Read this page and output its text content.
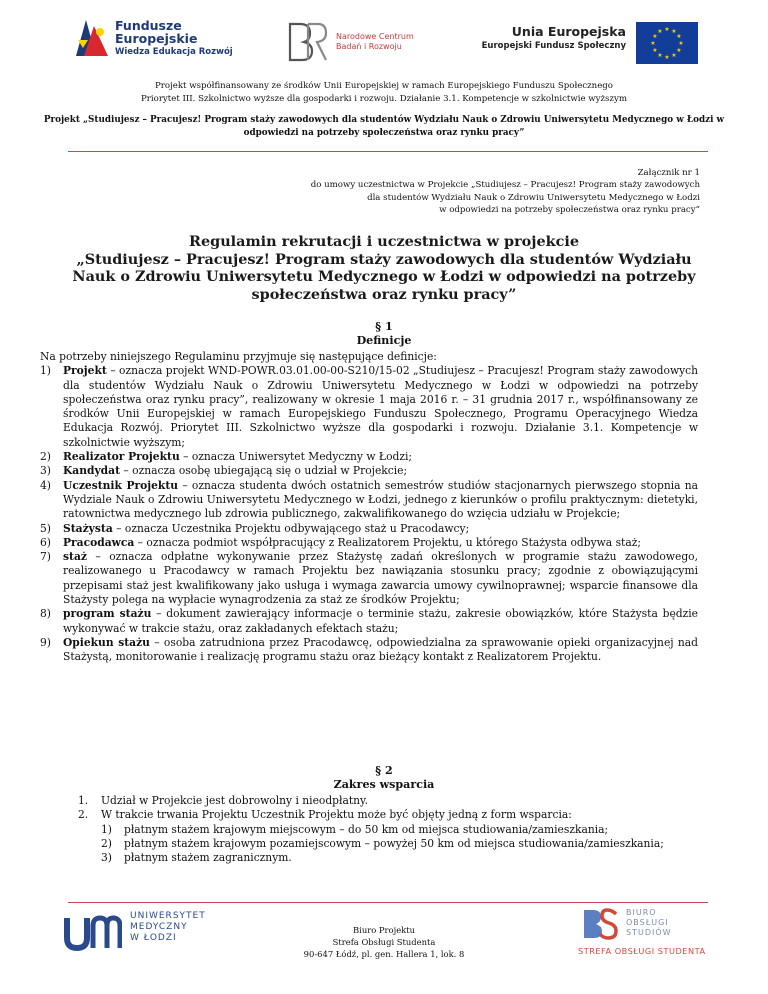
Fundusze
Europejskie
Wiedza Edukacja Rozwój
Narodowe Centrum
Badań i Rozwoju
Unia Europejska
Europejski Fundusz Społeczny
★ ★
★
★
★
★
★
★
★
★
★
★
Projekt współfinansowany ze środków Unii Europejskiej w ramach Europejskiego Funduszu Społecznego
Priorytet III. Szkolnictwo wyższe dla gospodarki i rozwoju. Działanie 3.1. Kompetencje w szkolnictwie wyższym
Projekt „Studiujesz – Pracujesz! Program staży zawodowych dla studentów Wydziału Nauk o Zdrowiu Uniwersytetu Medycznego w Łodzi w odpowiedzi na potrzeby społeczeństwa oraz rynku pracy”
Załącznik nr 1
do umowy uczestnictwa w Projekcie „Studiujesz – Pracujesz! Program staży zawodowych
dla studentów Wydziału Nauk o Zdrowiu Uniwersytetu Medycznego w Łodzi
w odpowiedzi na potrzeby społeczeństwa oraz rynku pracy”
Regulamin rekrutacji i uczestnictwa w projekcie
„Studiujesz – Pracujesz! Program staży zawodowych dla studentów Wydziału
Nauk o Zdrowiu Uniwersytetu Medycznego w Łodzi w odpowiedzi na potrzeby
społeczeństwa oraz rynku pracy”
§ 1
Definicje

Na potrzeby niniejszego Regulaminu przyjmuje się następujące definicje:

1) Projekt – oznacza projekt WND-POWR.03.01.00-00-S210/15-02 „Studiujesz – Pracujesz! Program staży zawodowych dla studentów Wydziału Nauk o Zdrowiu Uniwersytetu Medycznego w Łodzi w odpowiedzi na potrzeby społeczeństwa oraz rynku pracy”, realizowany w okresie 1 maja 2016 r. – 31 grudnia 2017 r., współfinansowany ze środków Unii Europejskiej w ramach Europejskiego Funduszu Społecznego, Programu Operacyjnego Wiedza Edukacja Rozwój. Priorytet III. Szkolnictwo wyższe dla gospodarki i rozwoju. Działanie 3.1. Kompetencje w szkolnictwie wyższym;
2) Realizator Projektu – oznacza Uniwersytet Medyczny w Łodzi;
3) Kandydat – oznacza osobę ubiegającą się o udział w Projekcie;
4) Uczestnik Projektu – oznacza studenta dwóch ostatnich semestrów studiów stacjonarnych pierwszego stopnia na Wydziale Nauk o Zdrowiu Uniwersytetu Medycznego w Łodzi, jednego z kierunków o profilu praktycznym: dietetyki, ratownictwa medycznego lub zdrowia publicznego, zakwalifikowanego do wzięcia udziału w Projekcie;
5) Stażysta – oznacza Uczestnika Projektu odbywającego staż u Pracodawcy;
6) Pracodawca – oznacza podmiot współpracujący z Realizatorem Projektu, u którego Stażysta odbywa staż;
7) staż – oznacza odpłatne wykonywanie przez Stażystę zadań określonych w programie stażu zawodowego, realizowanego u Pracodawcy w ramach Projektu bez nawiązania stosunku pracy; zgodnie z obowiązującymi przepisami staż jest kwalifikowany jako usługa i wymaga zawarcia umowy cywilnoprawnej; wsparcie finansowe dla Stażysty polega na wypłacie wynagrodzenia za staż ze środków Projektu;
8) program stażu – dokument zawierający informacje o terminie stażu, zakresie obowiązków, które Stażysta będzie wykonywać w trakcie stażu, oraz zakładanych efektach stażu;
9) Opiekun stażu – osoba zatrudniona przez Pracodawcę, odpowiedzialna za sprawowanie opieki organizacyjnej nad Stażystą, monitorowanie i realizację programu stażu oraz bieżący kontakt z Realizatorem Projektu.
§ 2
Zakres wsparcia
1. Udział w Projekcie jest dobrowolny i nieodpłatny.
2. W trakcie trwania Projektu Uczestnik Projektu może być objęty jedną z form wsparcia:
1) płatnym stażem krajowym miejscowym – do 50 km od miejsca studiowania/zamieszkania;
2) płatnym stażem krajowym pozamiejscowym – powyżej 50 km od miejsca studiowania/zamieszkania;
3) płatnym stażem zagranicznym.
UNIWERSYTET
MEDYCZNY
W ŁODZI
Biuro Projektu
Strefa Obsługi Studenta
90-647 Łódź, pl. gen. Hallera 1, lok. 8
BIURO
OBSŁUGI
STUDIÓW
STREFA OBSŁUGI STUDENTA
